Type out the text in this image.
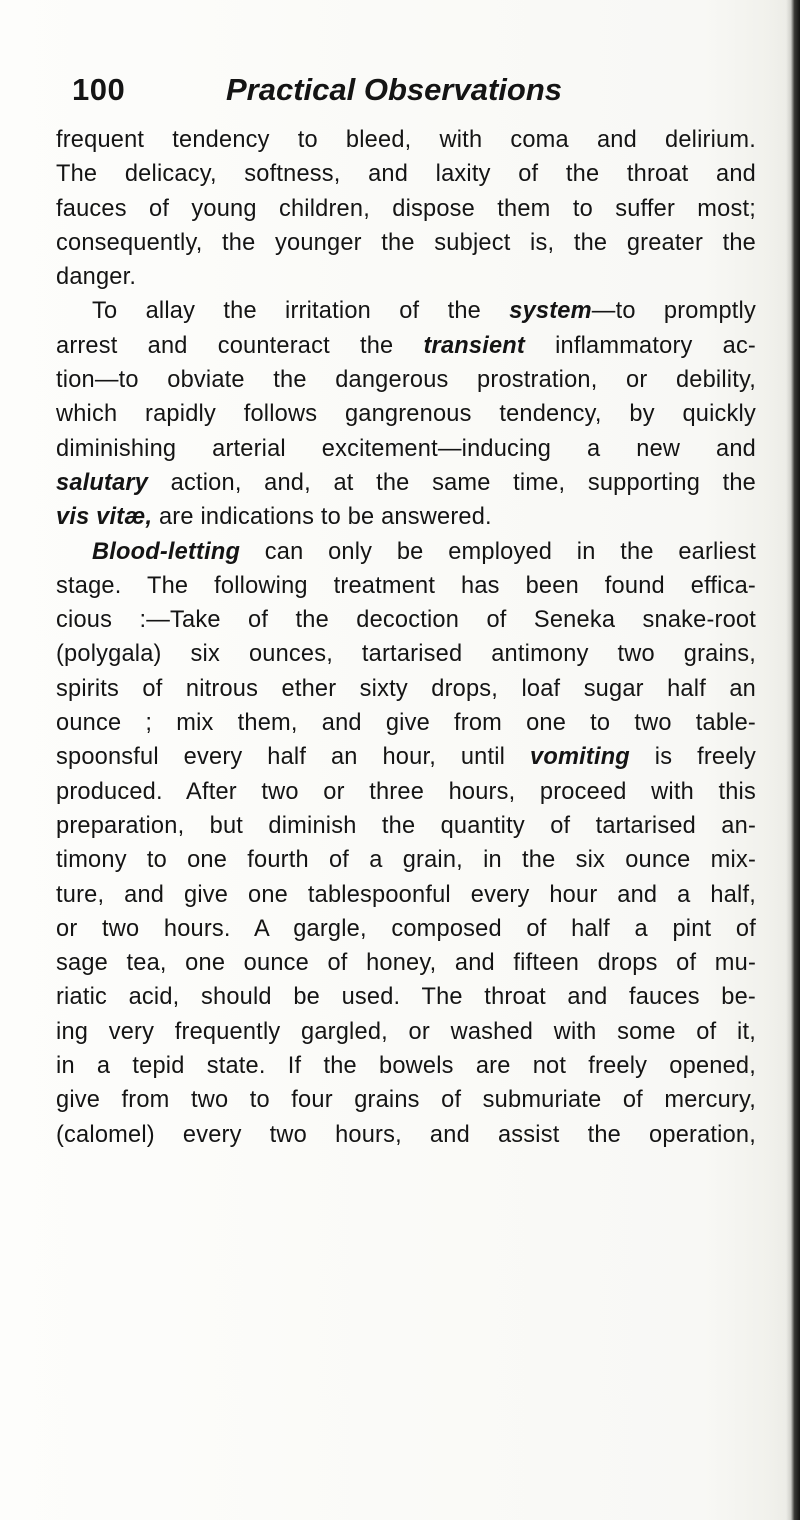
100	Practical Observations
frequent tendency to bleed, with coma and delirium.
The delicacy, softness, and laxity of the throat and
fauces of young children, dispose them to suffer most;
consequently, the younger the subject is, the greater the
danger.
To allay the irritation of the system—to promptly
arrest and counteract the transient inflammatory ac-
tion—to obviate the dangerous prostration, or debility,
which rapidly follows gangrenous tendency, by quickly
diminishing arterial excitement—inducing a new and
salutary action, and, at the same time, supporting the
vis vitæ, are indications to be answered.
Blood-letting can only be employed in the earliest
stage. The following treatment has been found effica-
cious :—Take of the decoction of Seneka snake-root
(polygala) six ounces, tartarised antimony two grains,
spirits of nitrous ether sixty drops, loaf sugar half an
ounce ; mix them, and give from one to two table-
spoonsful every half an hour, until vomiting is freely
produced. After two or three hours, proceed with this
preparation, but diminish the quantity of tartarised an-
timony to one fourth of a grain, in the six ounce mix-
ture, and give one tablespoonful every hour and a half,
or two hours. A gargle, composed of half a pint of
sage tea, one ounce of honey, and fifteen drops of mu-
riatic acid, should be used. The throat and fauces be-
ing very frequently gargled, or washed with some of it,
in a tepid state. If the bowels are not freely opened,
give from two to four grains of submuriate of mercury,
(calomel) every two hours, and assist the operation,
